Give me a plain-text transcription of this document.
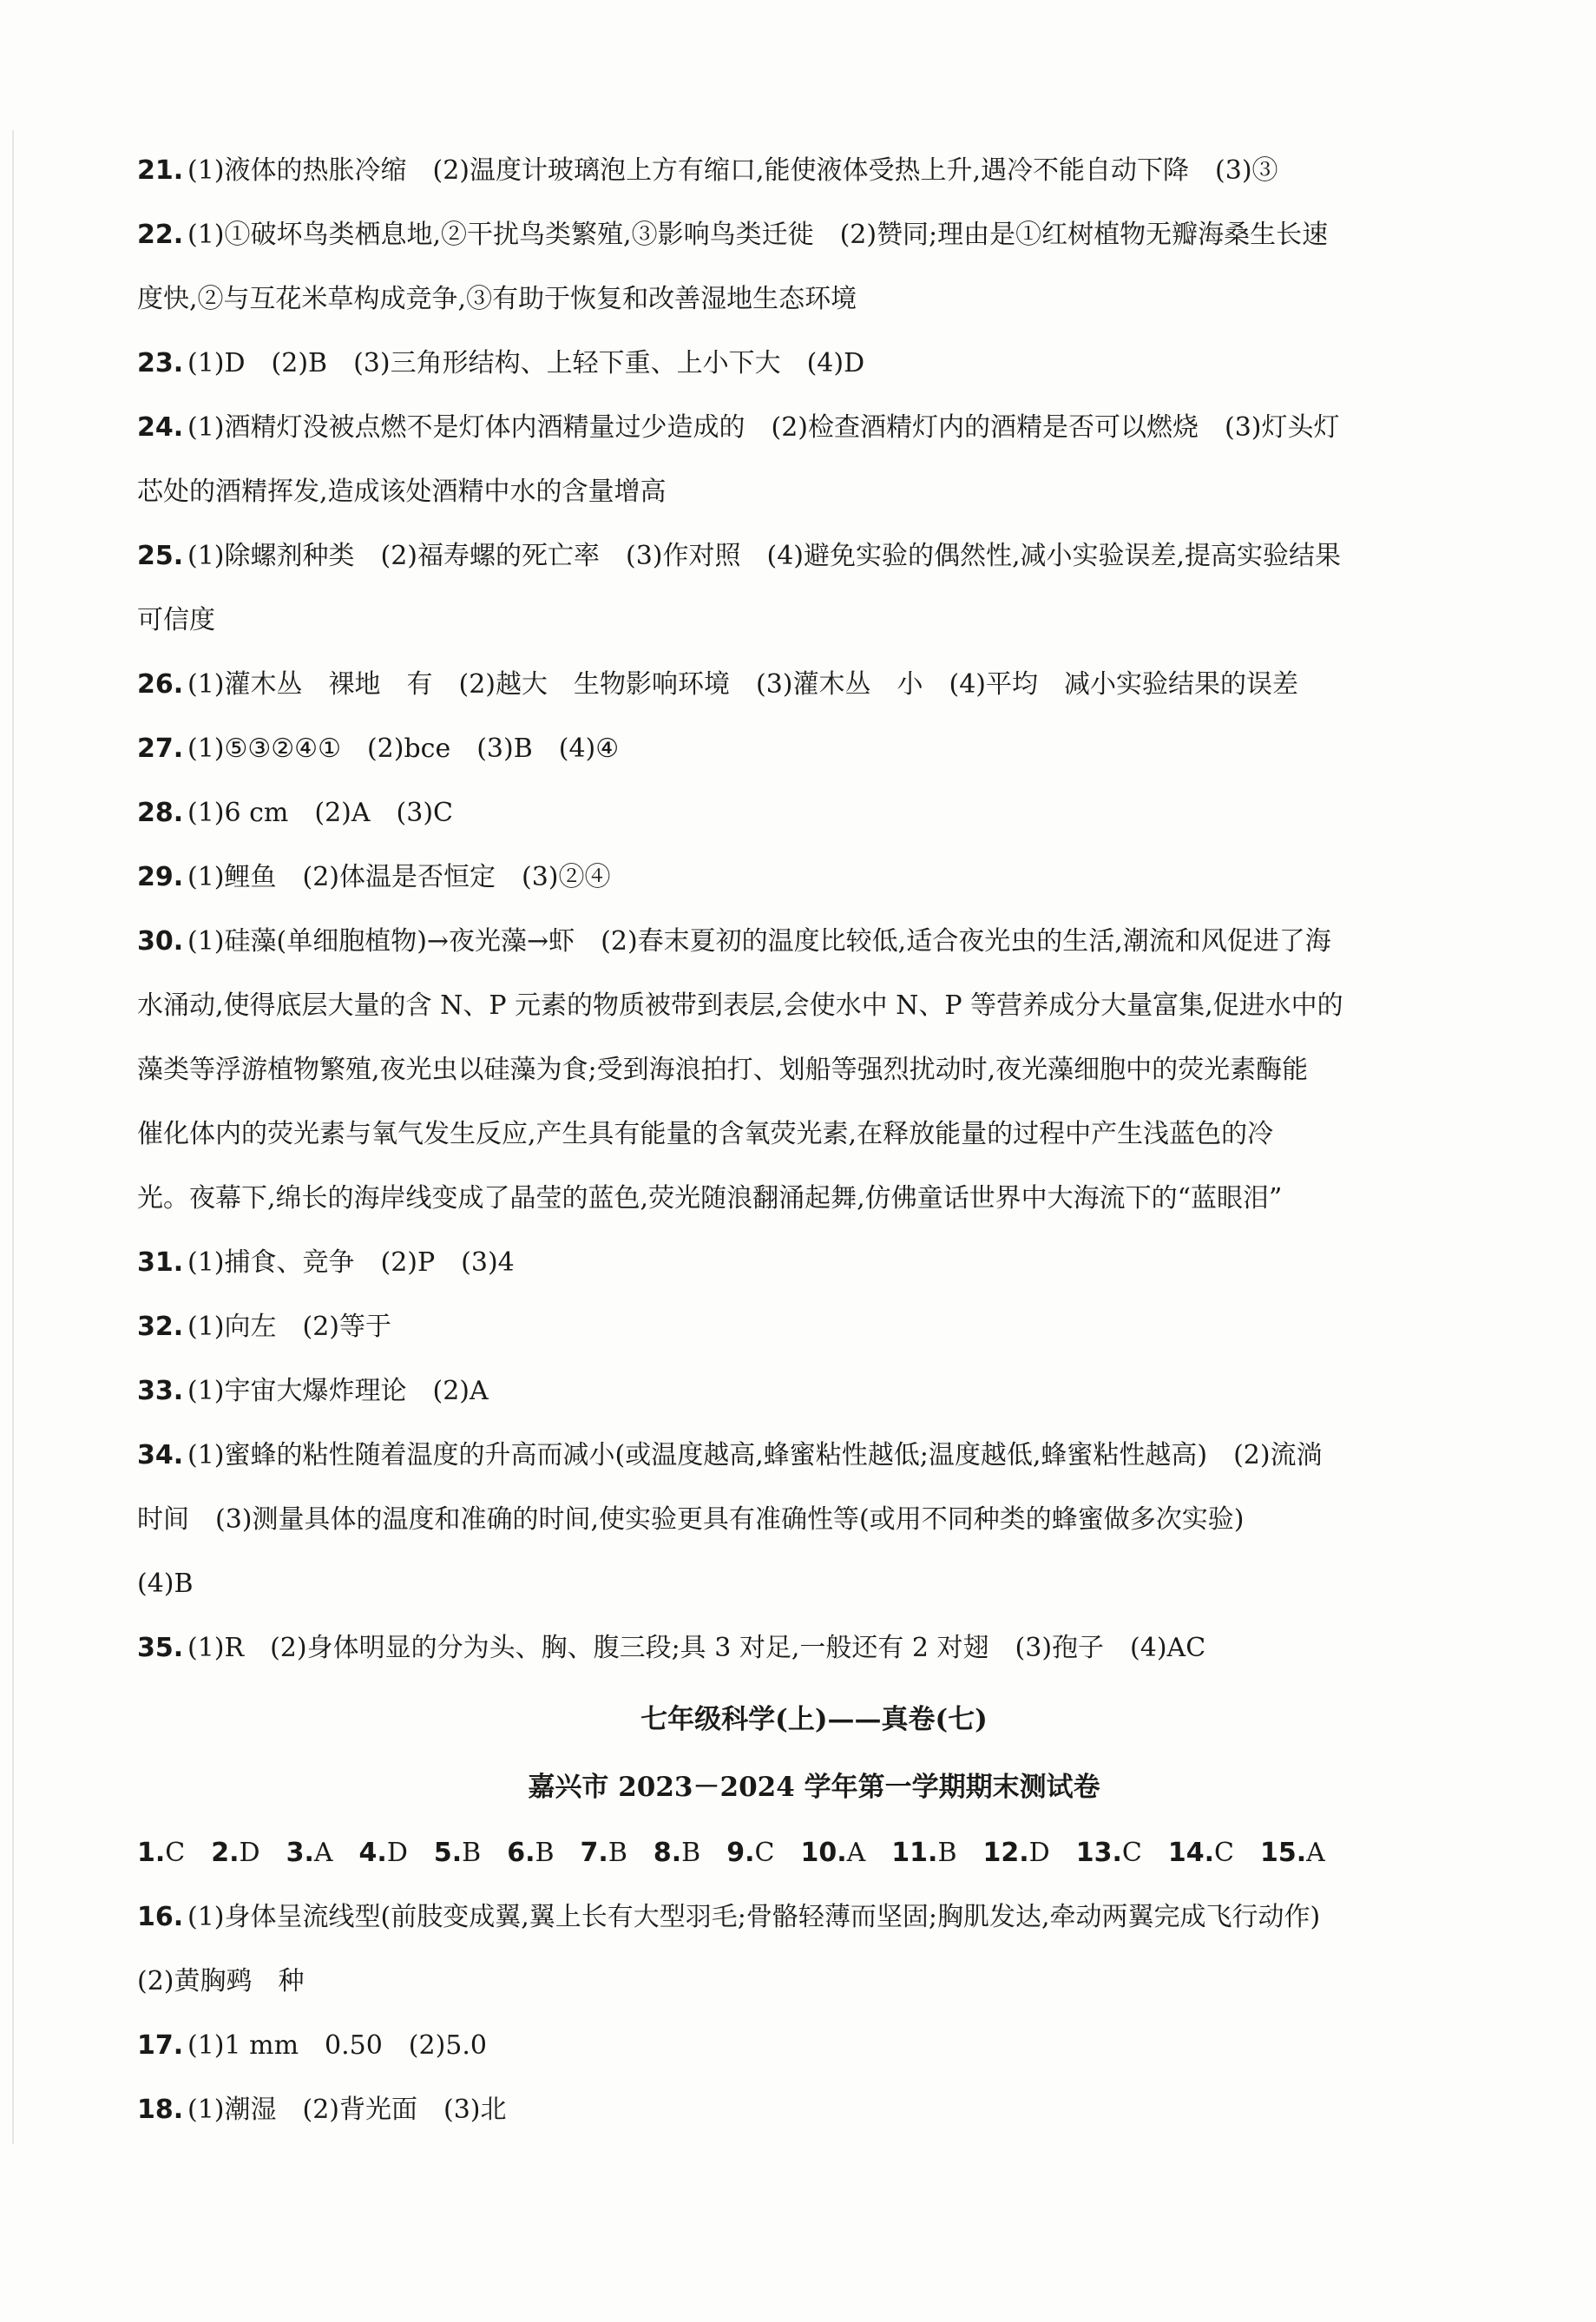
21. (1)液体的热胀冷缩　(2)温度计玻璃泡上方有缩口,能使液体受热上升,遇冷不能自动下降　(3)③
22. (1)①破坏鸟类栖息地,②干扰鸟类繁殖,③影响鸟类迁徙　(2)赞同;理由是①红树植物无瓣海桑生长速
度快,②与互花米草构成竞争,③有助于恢复和改善湿地生态环境
23. (1)D　(2)B　(3)三角形结构、上轻下重、上小下大　(4)D
24. (1)酒精灯没被点燃不是灯体内酒精量过少造成的　(2)检查酒精灯内的酒精是否可以燃烧　(3)灯头灯
芯处的酒精挥发,造成该处酒精中水的含量增高
25. (1)除螺剂种类　(2)福寿螺的死亡率　(3)作对照　(4)避免实验的偶然性,减小实验误差,提高实验结果
可信度
26. (1)灌木丛　裸地　有　(2)越大　生物影响环境　(3)灌木丛　小　(4)平均　减小实验结果的误差
27. (1)⑤③②④①　(2)bce　(3)B　(4)④
28. (1)6 cm　(2)A　(3)C
29. (1)鲤鱼　(2)体温是否恒定　(3)②④
30. (1)硅藻(单细胞植物)→夜光藻→虾　(2)春末夏初的温度比较低,适合夜光虫的生活,潮流和风促进了海
水涌动,使得底层大量的含 N、P 元素的物质被带到表层,会使水中 N、P 等营养成分大量富集,促进水中的
藻类等浮游植物繁殖,夜光虫以硅藻为食;受到海浪拍打、划船等强烈扰动时,夜光藻细胞中的荧光素酶能
催化体内的荧光素与氧气发生反应,产生具有能量的含氧荧光素,在释放能量的过程中产生浅蓝色的冷
光。夜幕下,绵长的海岸线变成了晶莹的蓝色,荧光随浪翻涌起舞,仿佛童话世界中大海流下的“蓝眼泪”
31. (1)捕食、竞争　(2)P　(3)4
32. (1)向左　(2)等于
33. (1)宇宙大爆炸理论　(2)A
34. (1)蜜蜂的粘性随着温度的升高而减小(或温度越高,蜂蜜粘性越低;温度越低,蜂蜜粘性越高)　(2)流淌
时间　(3)测量具体的温度和准确的时间,使实验更具有准确性等(或用不同种类的蜂蜜做多次实验)
(4)B
35. (1)R　(2)身体明显的分为头、胸、腹三段;具 3 对足,一般还有 2 对翅　(3)孢子　(4)AC
七年级科学(上)——真卷(七)
嘉兴市 2023－2024 学年第一学期期末测试卷
1.C 2.D 3.A 4.D 5.B 6.B 7.B 8.B 9.C 10.A 11.B 12.D 13.C 14.C 15.A
16. (1)身体呈流线型(前肢变成翼,翼上长有大型羽毛;骨骼轻薄而坚固;胸肌发达,牵动两翼完成飞行动作)
(2)黄胸鹀　种
17. (1)1 mm　0.50　(2)5.0
18. (1)潮湿　(2)背光面　(3)北
